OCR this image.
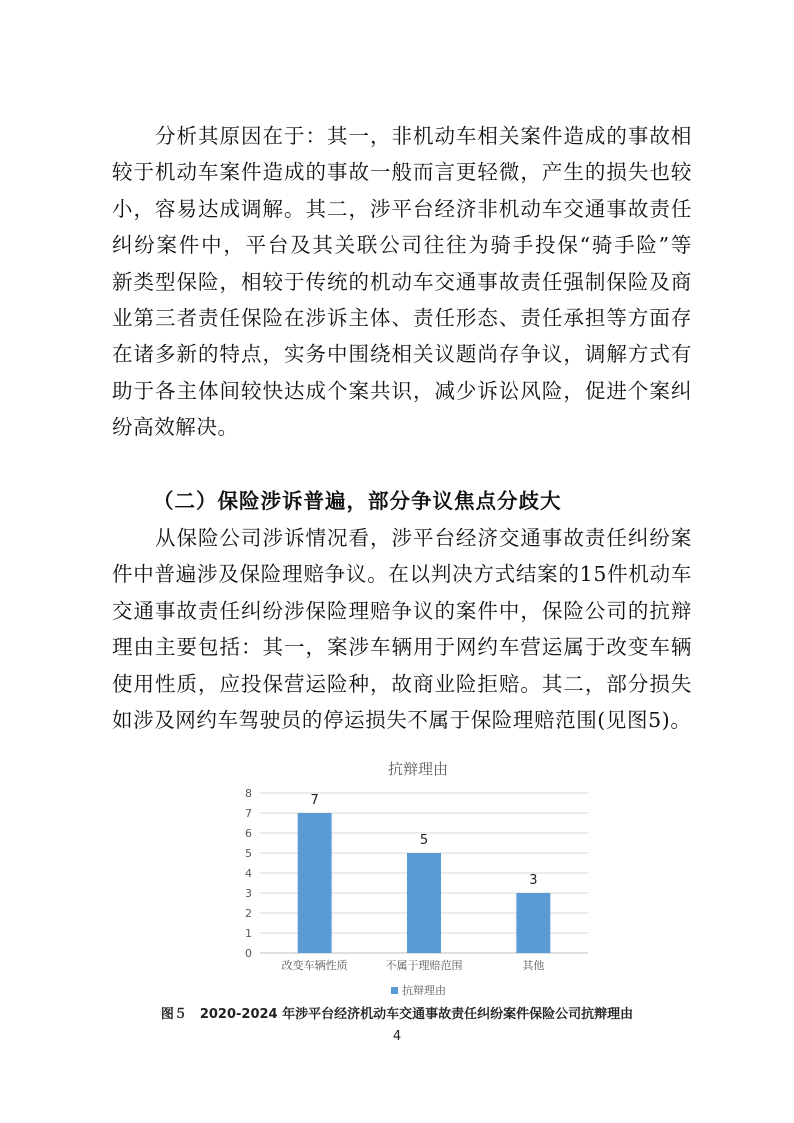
　　分析其原因在于：其一，非机动车相关案件造成的事故相
较于机动车案件造成的事故一般而言更轻微，产生的损失也较
小，容易达成调解。其二，涉平台经济非机动车交通事故责任
纠纷案件中，平台及其关联公司往往为骑手投保“骑手险”等
新类型保险，相较于传统的机动车交通事故责任强制保险及商
业第三者责任保险在涉诉主体、责任形态、责任承担等方面存
在诸多新的特点，实务中围绕相关议题尚存争议，调解方式有
助于各主体间较快达成个案共识，减少诉讼风险，促进个案纠
纷高效解决。
（二）保险涉诉普遍，部分争议焦点分歧大
　　从保险公司涉诉情况看，涉平台经济交通事故责任纠纷案
件中普遍涉及保险理赔争议。在以判决方式结案的15件机动车
交通事故责任纠纷涉保险理赔争议的案件中，保险公司的抗辩
理由主要包括：其一，案涉车辆用于网约车营运属于改变车辆
使用性质，应投保营运险种，故商业险拒赔。其二，部分损失
如涉及网约车驾驶员的停运损失不属于保险理赔范围(见图5)。
抗辩理由
0
1
2
3
4
5
6
7
8	7
改变车辆性质
5
不属于理赔范围
3
其他
抗辩理由
图５　2020-2024 年涉平台经济机动车交通事故责任纠纷案件保险公司抗辩理由
4
